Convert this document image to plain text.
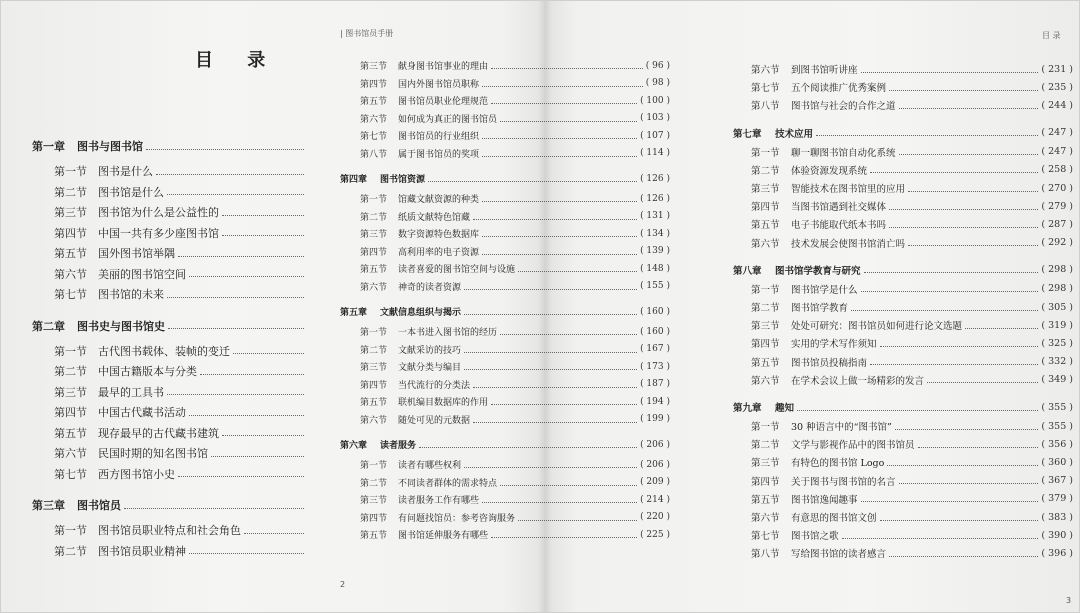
| 图书馆员手册	目 录
目 录
第一章	图书与图书馆
第一节	图书是什么
第二节	图书馆是什么
第三节	图书馆为什么是公益性的
第四节	中国一共有多少座图书馆
第五节	国外图书馆举隅
第六节	美丽的图书馆空间
第七节	图书馆的未来
第二章	图书史与图书馆史
第一节	古代图书载体、装帧的变迁
第二节	中国古籍版本与分类
第三节	最早的工具书
第四节	中国古代藏书活动
第五节	现存最早的古代藏书建筑
第六节	民国时期的知名图书馆
第七节	西方图书馆小史
第三章	图书馆员
第一节	图书馆员职业特点和社会角色
第二节	图书馆员职业精神
第三节	献身图书馆事业的理由	( 96 )
第四节	国内外图书馆员职称	( 98 )
第五节	图书馆员职业伦理规范	( 100 )
第六节	如何成为真正的图书馆员	( 103 )
第七节	图书馆员的行业组织	( 107 )
第八节	属于图书馆员的奖项	( 114 )
第四章	图书馆资源	( 126 )
第一节	馆藏文献资源的种类	( 126 )
第二节	纸质文献特色馆藏	( 131 )
第三节	数字资源特色数据库	( 134 )
第四节	高利用率的电子资源	( 139 )
第五节	读者喜爱的图书馆空间与设施	( 148 )
第六节	神奇的读者资源	( 155 )
第五章	文献信息组织与揭示	( 160 )
第一节	一本书进入图书馆的经历	( 160 )
第二节	文献采访的技巧	( 167 )
第三节	文献分类与编目	( 173 )
第四节	当代流行的分类法	( 187 )
第五节	联机编目数据库的作用	( 194 )
第六节	随处可见的元数据	( 199 )
第六章	读者服务	( 206 )
第一节	读者有哪些权利	( 206 )
第二节	不同读者群体的需求特点	( 209 )
第三节	读者服务工作有哪些	( 214 )
第四节	有问题找馆员：参考咨询服务	( 220 )
第五节	图书馆延伸服务有哪些	( 225 )
第六节	到图书馆听讲座	( 231 )
第七节	五个阅读推广优秀案例	( 235 )
第八节	图书馆与社会的合作之道	( 244 )
第七章	技术应用	( 247 )
第一节	聊一聊图书馆自动化系统	( 247 )
第二节	体验资源发现系统	( 258 )
第三节	智能技术在图书馆里的应用	( 270 )
第四节	当图书馆遇到社交媒体	( 279 )
第五节	电子书能取代纸本书吗	( 287 )
第六节	技术发展会使图书馆消亡吗	( 292 )
第八章	图书馆学教育与研究	( 298 )
第一节	图书馆学是什么	( 298 )
第二节	图书馆学教育	( 305 )
第三节	处处可研究：图书馆员如何进行论文选题	( 319 )
第四节	实用的学术写作须知	( 325 )
第五节	图书馆员投稿指南	( 332 )
第六节	在学术会议上做一场精彩的发言	( 349 )
第九章	趣知	( 355 )
第一节	30 种语言中的“图书馆”	( 355 )
第二节	文学与影视作品中的图书馆员	( 356 )
第三节	有特色的图书馆 Logo	( 360 )
第四节	关于图书与图书馆的名言	( 367 )
第五节	图书馆逸闻趣事	( 379 )
第六节	有意思的图书馆文创	( 383 )
第七节	图书馆之歌	( 390 )
第八节	写给图书馆的读者感言	( 396 )
2
3
